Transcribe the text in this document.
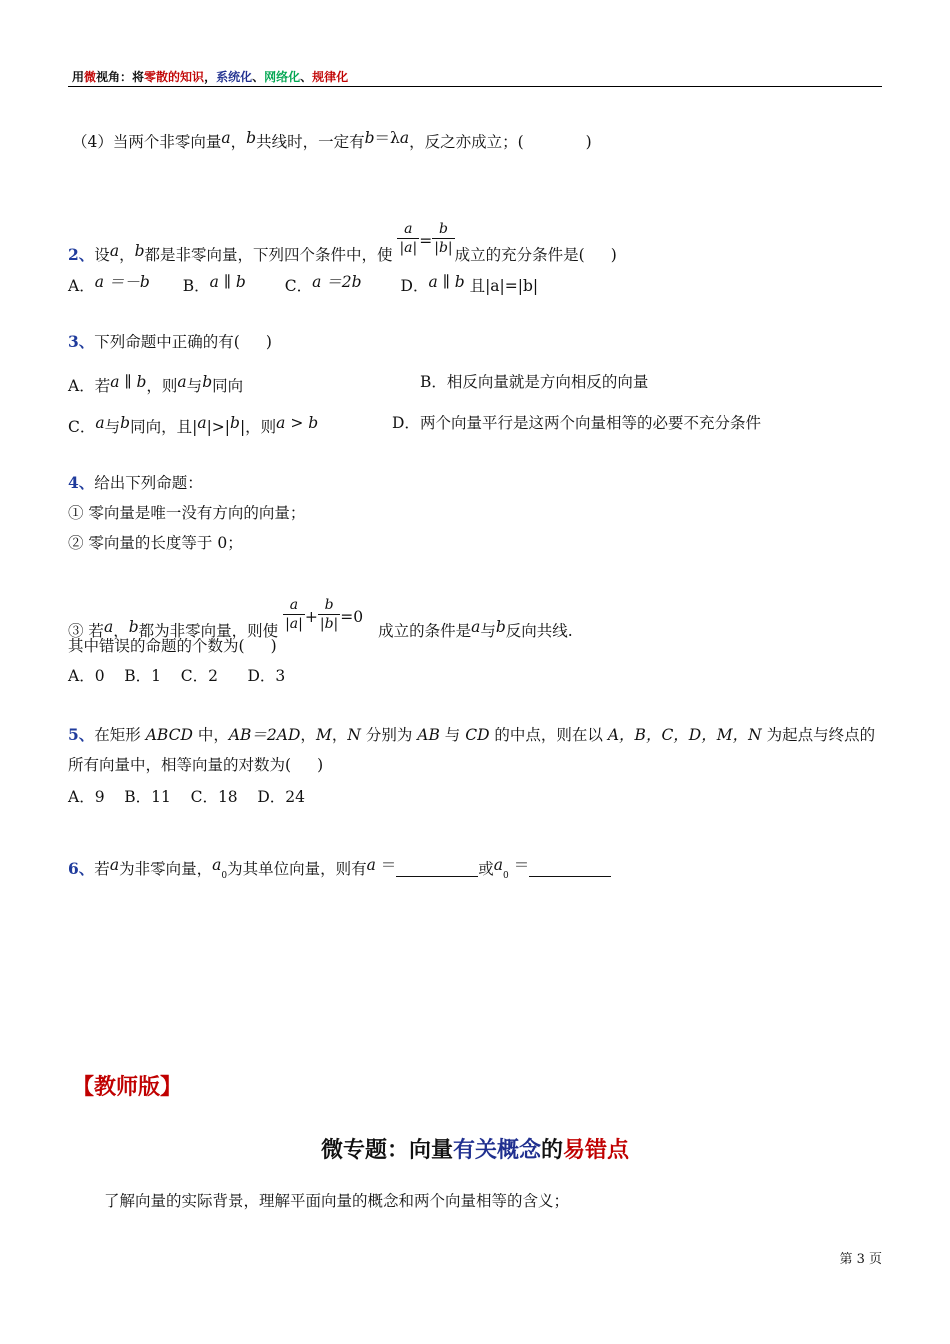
用微视角：将零散的知识，系统化、网络化、规律化
（4）当两个非零向量a，b共线时，一定有b＝λa，反之亦成立；(	)
2、设a，b都是非零向量，下列四个条件中，使 $\frac{a}{|a|} = \frac{b}{|b|}$ 成立的充分条件是( )
A．a ＝－b B．a ∥ b	C．a ＝2b	D．a ∥ b 且|a|=|b|
3、下列命题中正确的有( )
A．若a ∥ b，则a与b同向	B．相反向量就是方向相反的向量
C．a与b同向，且|a|>|b|，则a > b	D．两个向量平行是这两个向量相等的必要不充分条件
4、给出下列命题：
① 零向量是唯一没有方向的向量；
② 零向量的长度等于 0；
③ 若a，b都为非零向量，则使 $\frac{a}{|a|} + \frac{b}{|b|} =0$ 成立的条件是a与b反向共线.
其中错误的命题的个数为( )
A．0    B．1    C．2      D．3
5、在矩形 ABCD 中，AB＝2AD，M，N 分别为 AB 与 CD 的中点，则在以 A，B，C，D，M，N 为起点与终点的
所有向量中，相等向量的对数为( )
A．9    B．11    C．18    D．24
6、若a为非零向量，$a_0$为其单位向量，则有a ＝	或$a_0$ ＝
【教师版】
微专题：向量有关概念的易错点
了解向量的实际背景，理解平面向量的概念和两个向量相等的含义；
第 3 页
